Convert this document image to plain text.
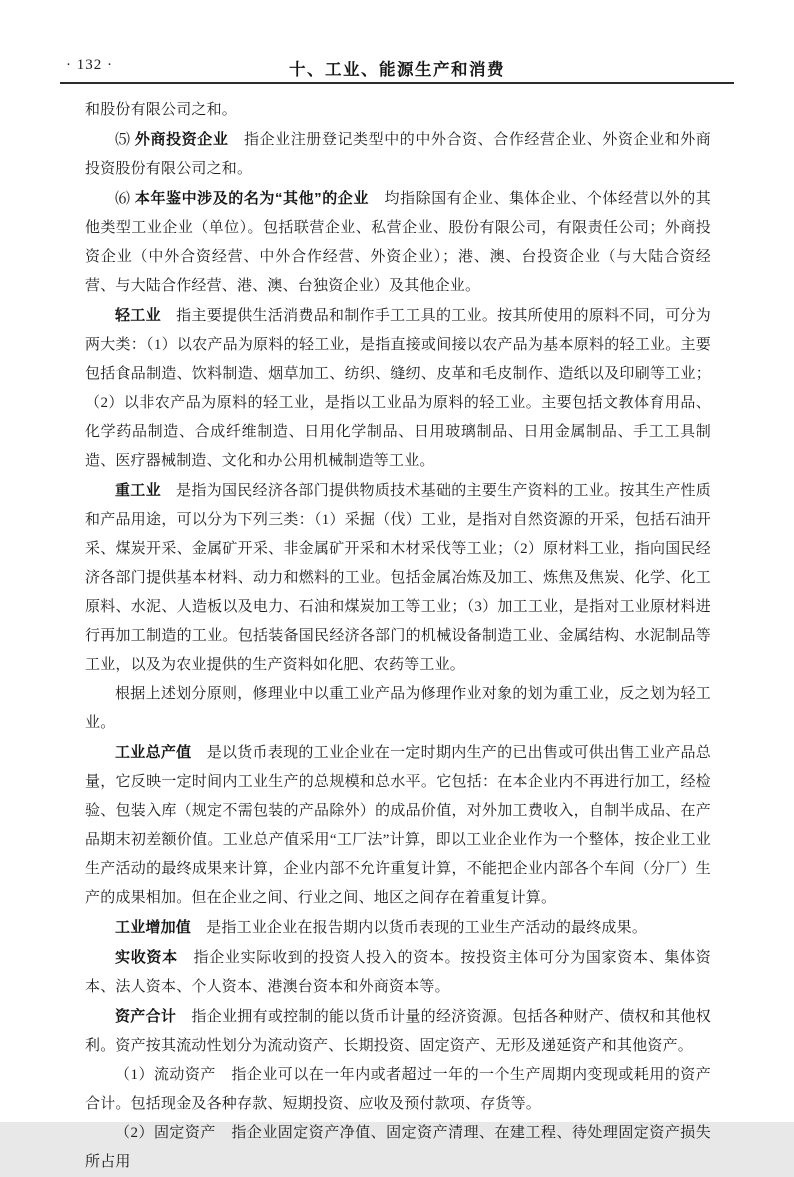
· 132 ·	十、工业、能源生产和消费

和股份有限公司之和。

⑸ 外商投资企业　指企业注册登记类型中的中外合资、合作经营企业、外资企业和外商投资股份有限公司之和。

⑹ 本年鉴中涉及的名为“其他”的企业　均指除国有企业、集体企业、个体经营以外的其他类型工业企业（单位）。包括联营企业、私营企业、股份有限公司，有限责任公司；外商投资企业（中外合资经营、中外合作经营、外资企业）；港、澳、台投资企业（与大陆合资经营、与大陆合作经营、港、澳、台独资企业）及其他企业。

轻工业　指主要提供生活消费品和制作手工工具的工业。按其所使用的原料不同，可分为两大类：（1）以农产品为原料的轻工业，是指直接或间接以农产品为基本原料的轻工业。主要包括食品制造、饮料制造、烟草加工、纺织、缝纫、皮革和毛皮制作、造纸以及印刷等工业；（2）以非农产品为原料的轻工业，是指以工业品为原料的轻工业。主要包括文教体育用品、化学药品制造、合成纤维制造、日用化学制品、日用玻璃制品、日用金属制品、手工工具制造、医疗器械制造、文化和办公用机械制造等工业。

重工业　是指为国民经济各部门提供物质技术基础的主要生产资料的工业。按其生产性质和产品用途，可以分为下列三类：（1）采掘（伐）工业，是指对自然资源的开采，包括石油开采、煤炭开采、金属矿开采、非金属矿开采和木材采伐等工业；（2）原材料工业，指向国民经济各部门提供基本材料、动力和燃料的工业。包括金属冶炼及加工、炼焦及焦炭、化学、化工原料、水泥、人造板以及电力、石油和煤炭加工等工业；（3）加工工业，是指对工业原材料进行再加工制造的工业。包括装备国民经济各部门的机械设备制造工业、金属结构、水泥制品等工业，以及为农业提供的生产资料如化肥、农药等工业。

根据上述划分原则，修理业中以重工业产品为修理作业对象的划为重工业，反之划为轻工业。

工业总产值　是以货币表现的工业企业在一定时期内生产的已出售或可供出售工业产品总量，它反映一定时间内工业生产的总规模和总水平。它包括：在本企业内不再进行加工，经检验、包装入库（规定不需包装的产品除外）的成品价值，对外加工费收入，自制半成品、在产品期末初差额价值。工业总产值采用“工厂法”计算，即以工业企业作为一个整体，按企业工业生产活动的最终成果来计算，企业内部不允许重复计算，不能把企业内部各个车间（分厂）生产的成果相加。但在企业之间、行业之间、地区之间存在着重复计算。

工业增加值　是指工业企业在报告期内以货币表现的工业生产活动的最终成果。

实收资本　指企业实际收到的投资人投入的资本。按投资主体可分为国家资本、集体资本、法人资本、个人资本、港澳台资本和外商资本等。

资产合计　指企业拥有或控制的能以货币计量的经济资源。包括各种财产、债权和其他权利。资产按其流动性划分为流动资产、长期投资、固定资产、无形及递延资产和其他资产。

（1）流动资产　指企业可以在一年内或者超过一年的一个生产周期内变现或耗用的资产合计。包括现金及各种存款、短期投资、应收及预付款项、存货等。

（2）固定资产　指企业固定资产净值、固定资产清理、在建工程、待处理固定资产损失所占用
